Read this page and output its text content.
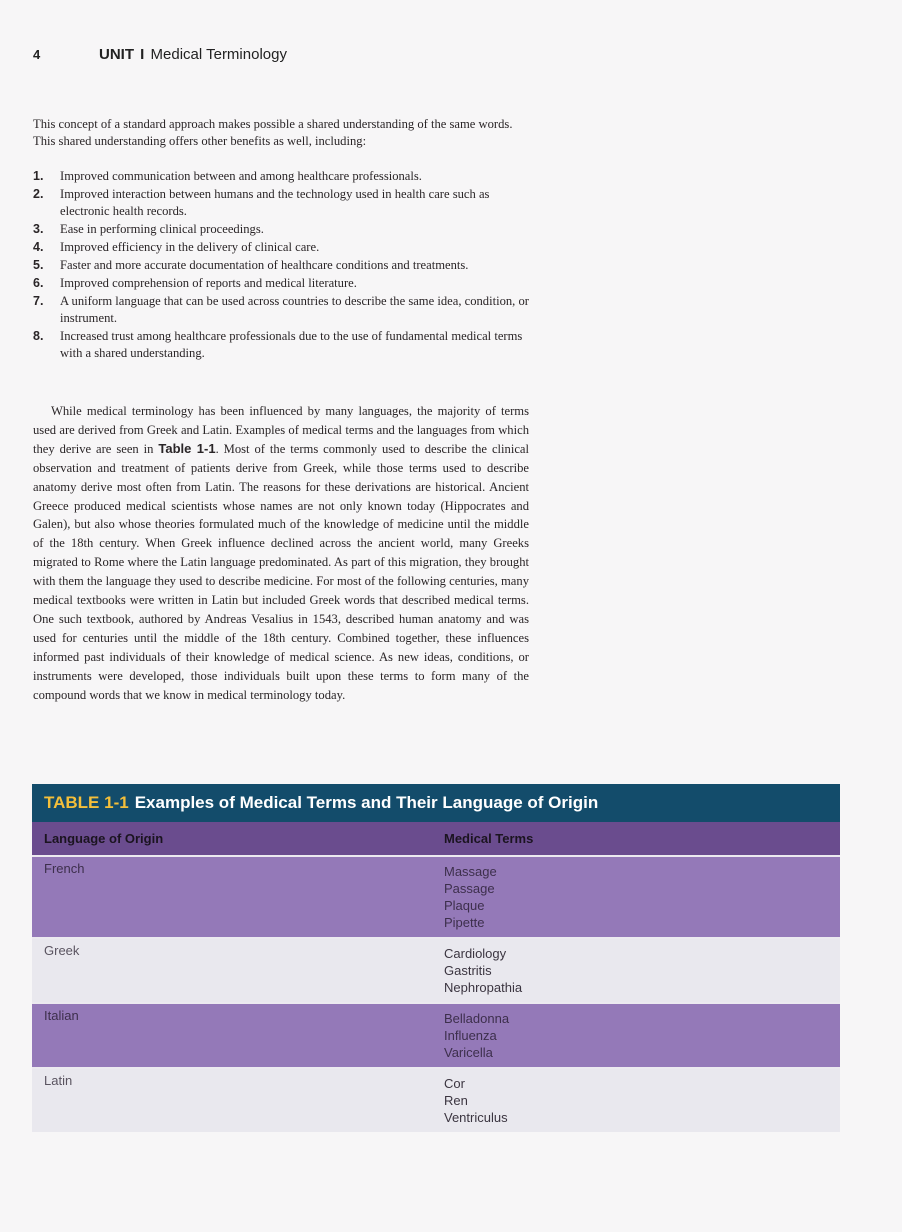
4	UNIT I Medical Terminology

This concept of a standard approach makes possible a shared understanding of the same words. This shared understanding offers other benefits as well, including:

1. Improved communication between and among healthcare professionals.
2. Improved interaction between humans and the technology used in health care such as electronic health records.
3. Ease in performing clinical proceedings.
4. Improved efficiency in the delivery of clinical care.
5. Faster and more accurate documentation of healthcare conditions and treatments.
6. Improved comprehension of reports and medical literature.
7. A uniform language that can be used across countries to describe the same idea, condition, or instrument.
8. Increased trust among healthcare professionals due to the use of fundamental medical terms with a shared understanding.

While medical terminology has been influenced by many languages, the majority of terms used are derived from Greek and Latin. Examples of medical terms and the languages from which they derive are seen in Table 1-1. Most of the terms commonly used to describe the clinical observation and treatment of patients derive from Greek, while those terms used to describe anatomy derive most often from Latin. The reasons for these derivations are historical. Ancient Greece produced medical scientists whose names are not only known today (Hippocrates and Galen), but also whose theories formulated much of the knowledge of medicine until the middle of the 18th century. When Greek influence declined across the ancient world, many Greeks migrated to Rome where the Latin language predominated. As part of this migration, they brought with them the language they used to describe medicine. For most of the following centuries, many medical textbooks were written in Latin but included Greek words that described medical terms. One such textbook, authored by Andreas Vesalius in 1543, described human anatomy and was used for centuries until the middle of the 18th century. Combined together, these influences informed past individuals of their knowledge of medical science. As new ideas, conditions, or instruments were developed, those individuals built upon these terms to form many of the compound words that we know in medical terminology today.

TABLE 1-1 Examples of Medical Terms and Their Language of Origin
Language of Origin	Medical Terms
French	Massage
Passage
Plaque
Pipette
Greek	Cardiology
Gastritis
Nephropathia
Italian	Belladonna
Influenza
Varicella
Latin	Cor
Ren
Ventriculus
